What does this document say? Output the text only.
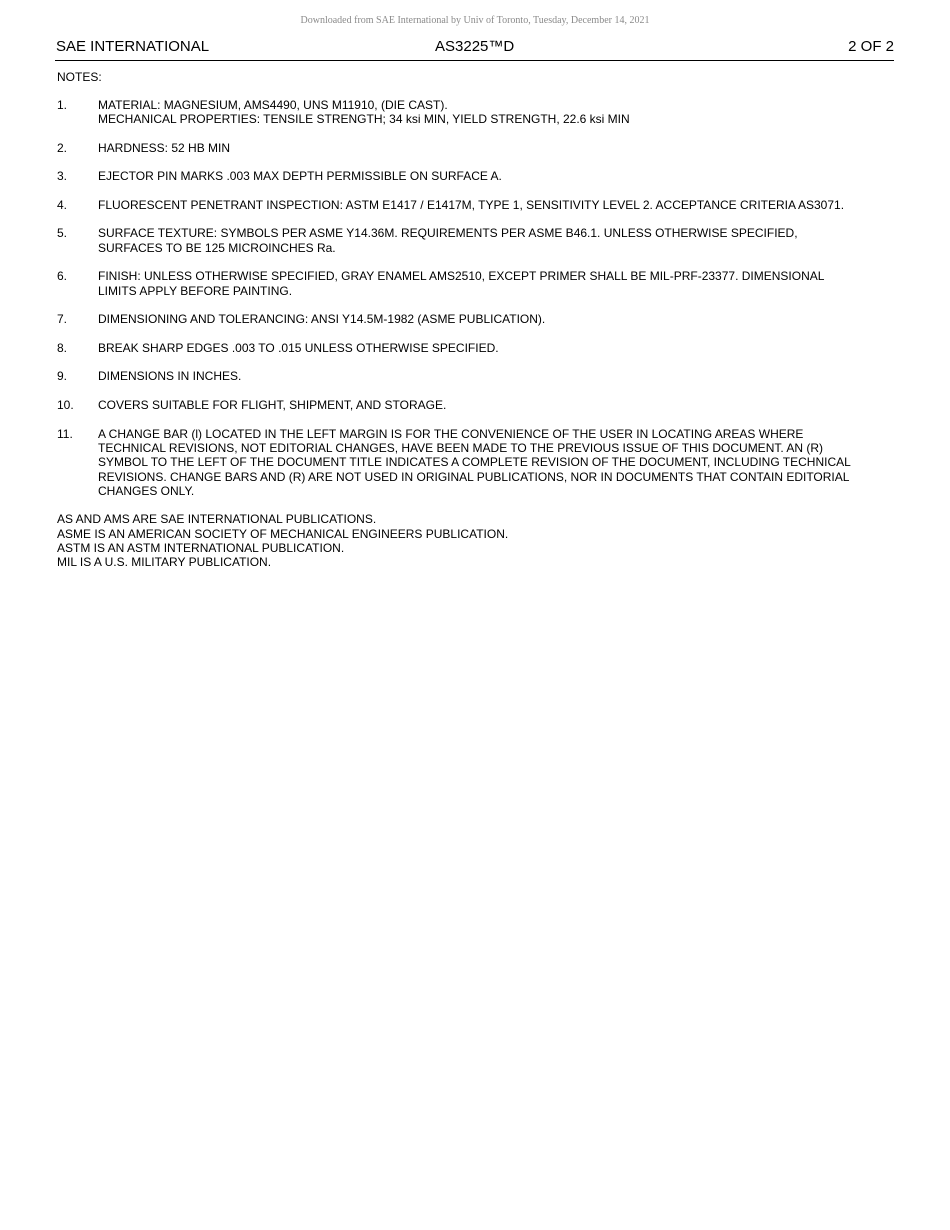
Downloaded from SAE International by Univ of Toronto, Tuesday, December 14, 2021
SAE INTERNATIONAL	AS3225™D	2 OF 2
NOTES:
1.	MATERIAL: MAGNESIUM, AMS4490, UNS M11910, (DIE CAST).
MECHANICAL PROPERTIES: TENSILE STRENGTH; 34 ksi MIN, YIELD STRENGTH, 22.6 ksi MIN
2.	HARDNESS: 52 HB MIN
3.	EJECTOR PIN MARKS .003 MAX DEPTH PERMISSIBLE ON SURFACE A.
4.	FLUORESCENT PENETRANT INSPECTION: ASTM E1417 / E1417M, TYPE 1, SENSITIVITY LEVEL 2. ACCEPTANCE CRITERIA AS3071.
5.	SURFACE TEXTURE: SYMBOLS PER ASME Y14.36M. REQUIREMENTS PER ASME B46.1. UNLESS OTHERWISE SPECIFIED,
SURFACES TO BE 125 MICROINCHES Ra.
6.	FINISH: UNLESS OTHERWISE SPECIFIED, GRAY ENAMEL AMS2510, EXCEPT PRIMER SHALL BE MIL-PRF-23377. DIMENSIONAL
LIMITS APPLY BEFORE PAINTING.
7.	DIMENSIONING AND TOLERANCING: ANSI Y14.5M-1982 (ASME PUBLICATION).
8.	BREAK SHARP EDGES .003 TO .015 UNLESS OTHERWISE SPECIFIED.
9.	DIMENSIONS IN INCHES.
10.	COVERS SUITABLE FOR FLIGHT, SHIPMENT, AND STORAGE.
11.	A CHANGE BAR (l) LOCATED IN THE LEFT MARGIN IS FOR THE CONVENIENCE OF THE USER IN LOCATING AREAS WHERE
TECHNICAL REVISIONS, NOT EDITORIAL CHANGES, HAVE BEEN MADE TO THE PREVIOUS ISSUE OF THIS DOCUMENT. AN (R)
SYMBOL TO THE LEFT OF THE DOCUMENT TITLE INDICATES A COMPLETE REVISION OF THE DOCUMENT, INCLUDING TECHNICAL
REVISIONS. CHANGE BARS AND (R) ARE NOT USED IN ORIGINAL PUBLICATIONS, NOR IN DOCUMENTS THAT CONTAIN EDITORIAL
CHANGES ONLY.
AS AND AMS ARE SAE INTERNATIONAL PUBLICATIONS.
ASME IS AN AMERICAN SOCIETY OF MECHANICAL ENGINEERS PUBLICATION.
ASTM IS AN ASTM INTERNATIONAL PUBLICATION.
MIL IS A U.S. MILITARY PUBLICATION.
